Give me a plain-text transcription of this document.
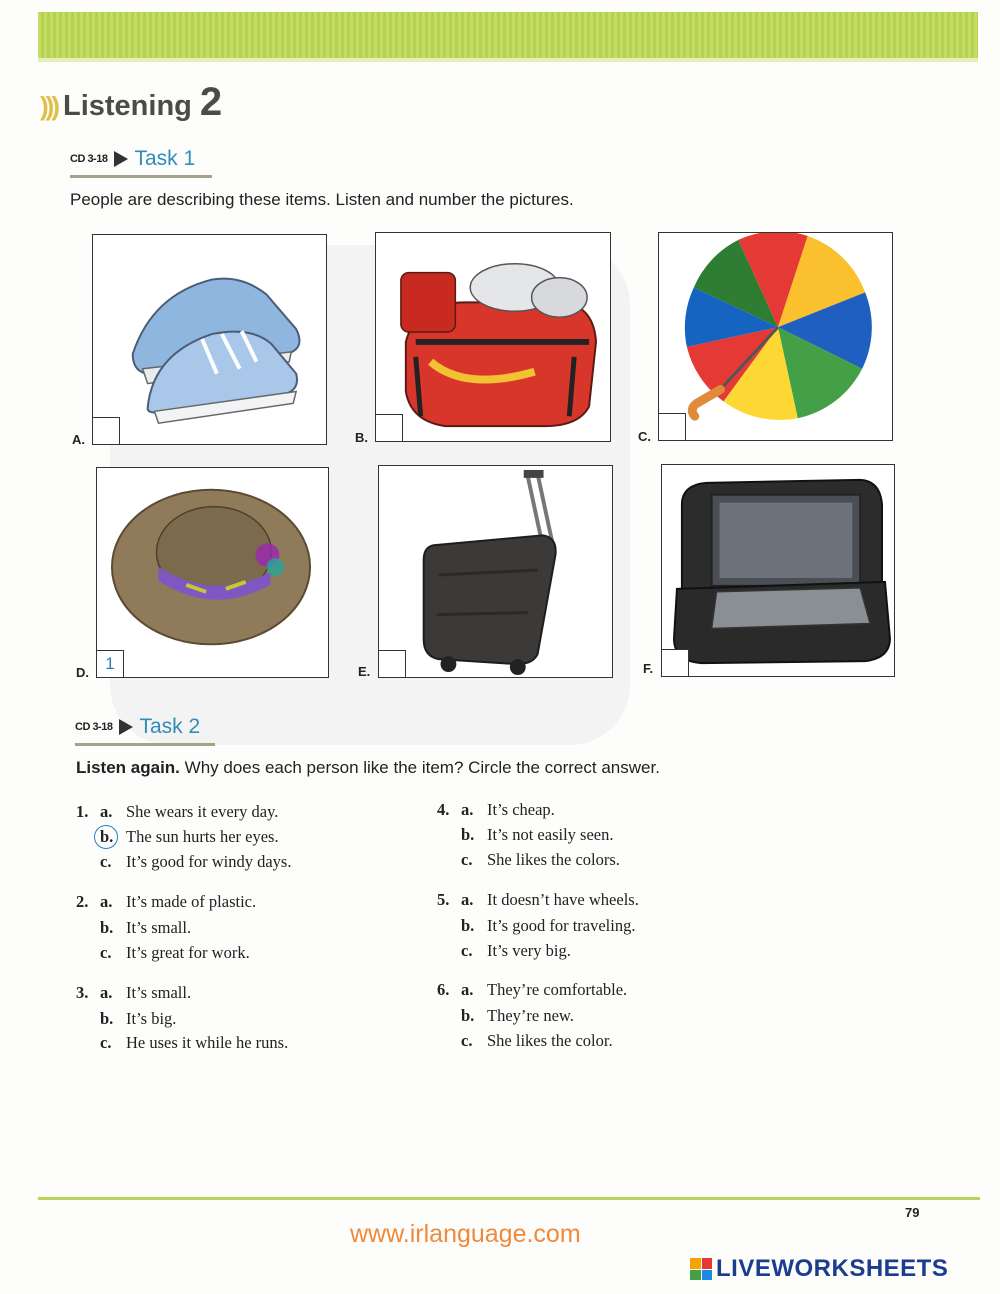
))) Listening 2
CD 3-18 Task 1
People are describing these items. Listen and number the pictures.
A.	B.	C.
1
D.	E.	F.
CD 3-18 Task 2
Listen again. Why does each person like the item? Circle the correct answer.
1. a. She wears it every day.
b. The sun hurts her eyes.
c. It’s good for windy days.
2. a. It’s made of plastic.
b. It’s small.
c. It’s great for work.
3. a. It’s small.
b. It’s big.
c. He uses it while he runs.
4. a. It’s cheap.
b. It’s not easily seen.
c. She likes the colors.
5. a. It doesn’t have wheels.
b. It’s good for traveling.
c. It’s very big.
6. a. They’re comfortable.
b. They’re new.
c. She likes the color.
79
www.irlanguage.com
LIVEWORKSHEETS
